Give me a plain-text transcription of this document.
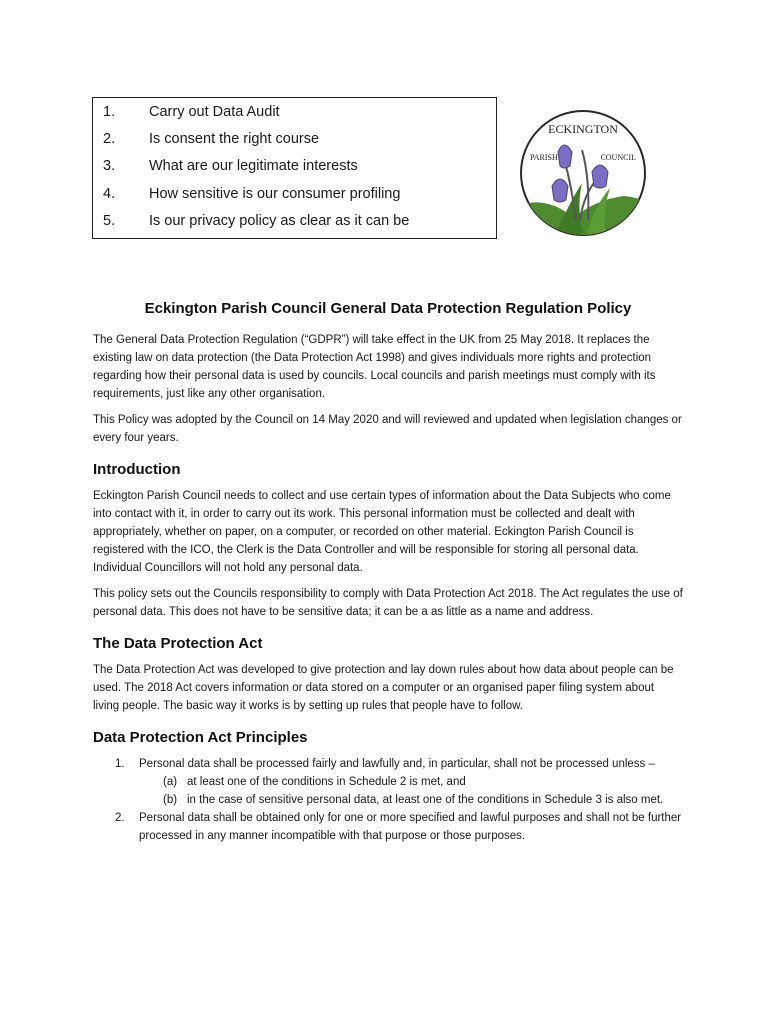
1. Carry out Data Audit
2. Is consent the right course
3. What are our legitimate interests
4. How sensitive is our consumer profiling
5. Is our privacy policy as clear as it can be
ECKINGTON
PARISH	COUNCIL
Eckington Parish Council General Data Protection Regulation Policy

The General Data Protection Regulation (“GDPR”) will take effect in the UK from 25 May 2018. It replaces the existing law on data protection (the Data Protection Act 1998) and gives individuals more rights and protection regarding how their personal data is used by councils. Local councils and parish meetings must comply with its requirements, just like any other organisation.

This Policy was adopted by the Council on 14 May 2020 and will reviewed and updated when legislation changes or every four years.

Introduction

Eckington Parish Council needs to collect and use certain types of information about the Data Subjects who come into contact with it, in order to carry out its work. This personal information must be collected and dealt with appropriately, whether on paper, on a computer, or recorded on other material. Eckington Parish Council is registered with the ICO, the Clerk is the Data Controller and will be responsible for storing all personal data. Individual Councillors will not hold any personal data.

This policy sets out the Councils responsibility to comply with Data Protection Act 2018. The Act regulates the use of personal data. This does not have to be sensitive data; it can be a as little as a name and address.

The Data Protection Act

The Data Protection Act was developed to give protection and lay down rules about how data about people can be used. The 2018 Act covers information or data stored on a computer or an organised paper filing system about living people. The basic way it works is by setting up rules that people have to follow.

Data Protection Act Principles
1. Personal data shall be processed fairly and lawfully and, in particular, shall not be processed unless –
(a) at least one of the conditions in Schedule 2 is met, and
(b) in the case of sensitive personal data, at least one of the conditions in Schedule 3 is also met.
2. Personal data shall be obtained only for one or more specified and lawful purposes and shall not be further processed in any manner incompatible with that purpose or those purposes.
